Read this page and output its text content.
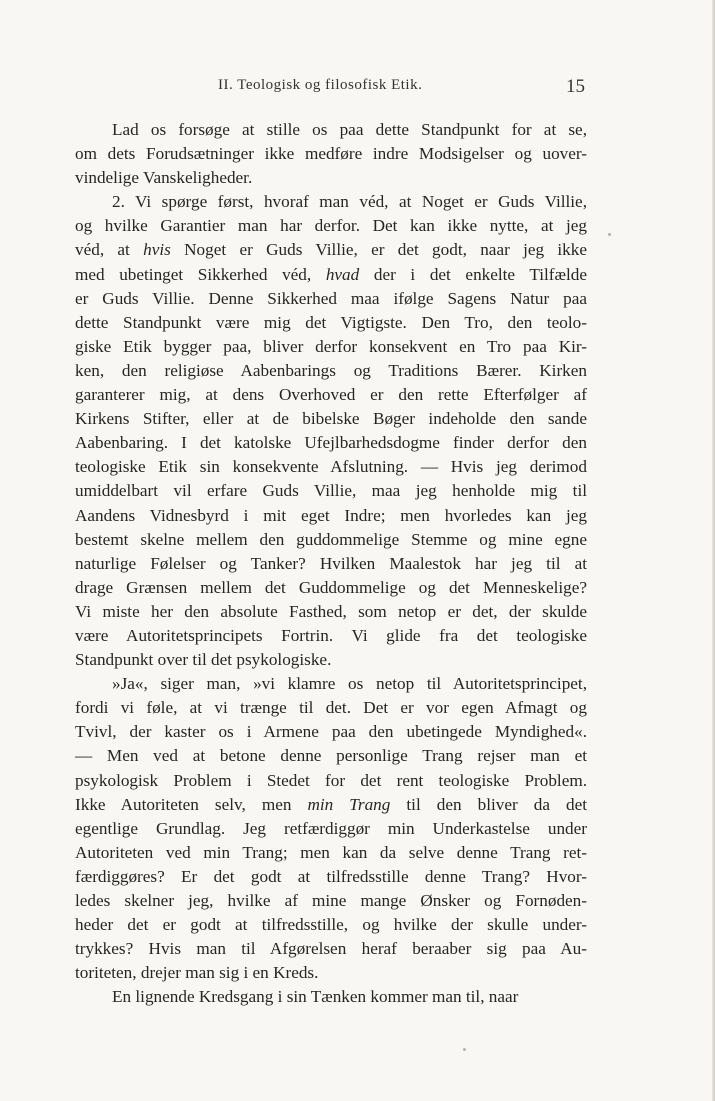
II. Teologisk og filosofisk Etik.	15
Lad os forsøge at stille os paa dette Standpunkt for at se,
om dets Forudsætninger ikke medføre indre Modsigelser og uover-
vindelige Vanskeligheder.
2. Vi spørge først, hvoraf man véd, at Noget er Guds Villie,
og hvilke Garantier man har derfor. Det kan ikke nytte, at jeg
véd, at hvis Noget er Guds Villie, er det godt, naar jeg ikke
med ubetinget Sikkerhed véd, hvad der i det enkelte Tilfælde
er Guds Villie. Denne Sikkerhed maa ifølge Sagens Natur paa
dette Standpunkt være mig det Vigtigste. Den Tro, den teolo-
giske Etik bygger paa, bliver derfor konsekvent en Tro paa Kir-
ken, den religiøse Aabenbarings og Traditions Bærer. Kirken
garanterer mig, at dens Overhoved er den rette Efterfølger af
Kirkens Stifter, eller at de bibelske Bøger indeholde den sande
Aabenbaring. I det katolske Ufejlbarhedsdogme finder derfor den
teologiske Etik sin konsekvente Afslutning. — Hvis jeg derimod
umiddelbart vil erfare Guds Villie, maa jeg henholde mig til
Aandens Vidnesbyrd i mit eget Indre; men hvorledes kan jeg
bestemt skelne mellem den guddommelige Stemme og mine egne
naturlige Følelser og Tanker? Hvilken Maalestok har jeg til at
drage Grænsen mellem det Guddommelige og det Menneskelige?
Vi miste her den absolute Fasthed, som netop er det, der skulde
være Autoritetsprincipets Fortrin. Vi glide fra det teologiske
Standpunkt over til det psykologiske.
»Ja«, siger man, »vi klamre os netop til Autoritetsprincipet,
fordi vi føle, at vi trænge til det. Det er vor egen Afmagt og
Tvivl, der kaster os i Armene paa den ubetingede Myndighed«.
— Men ved at betone denne personlige Trang rejser man et
psykologisk Problem i Stedet for det rent teologiske Problem.
Ikke Autoriteten selv, men min Trang til den bliver da det
egentlige Grundlag. Jeg retfærdiggør min Underkastelse under
Autoriteten ved min Trang; men kan da selve denne Trang ret-
færdiggøres? Er det godt at tilfredsstille denne Trang? Hvor-
ledes skelner jeg, hvilke af mine mange Ønsker og Fornøden-
heder det er godt at tilfredsstille, og hvilke der skulle under-
trykkes? Hvis man til Afgørelsen heraf beraaber sig paa Au-
toriteten, drejer man sig i en Kreds.
En lignende Kredsgang i sin Tænken kommer man til, naar
